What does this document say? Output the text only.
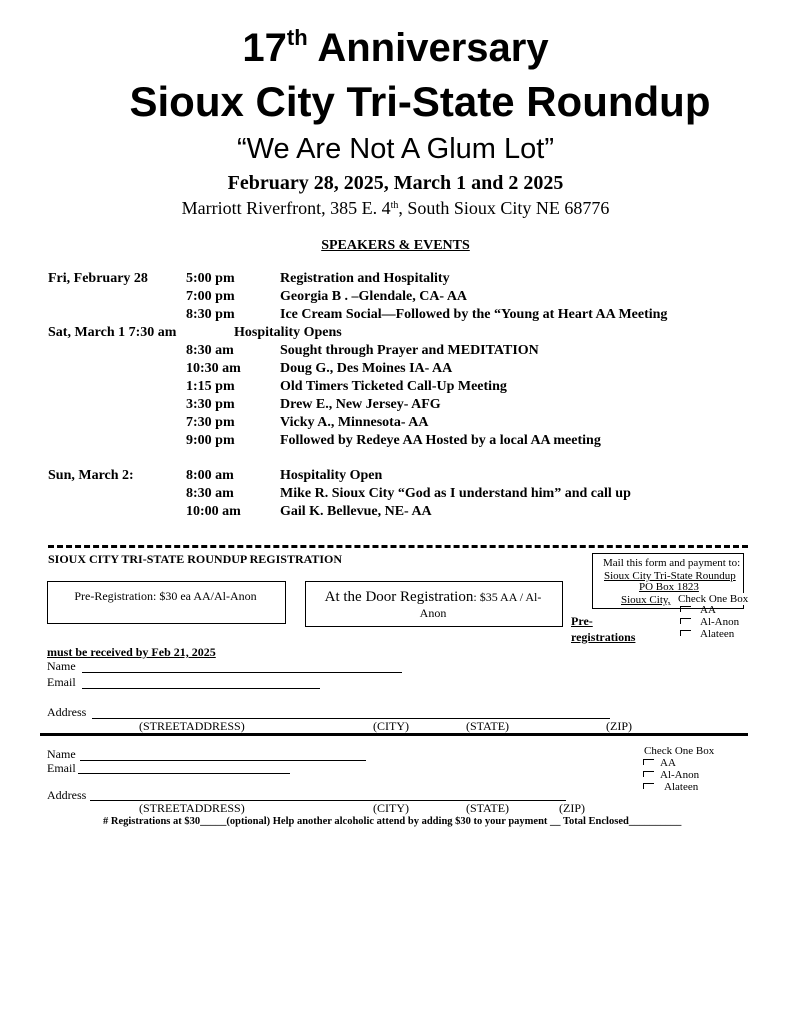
17th Anniversary
Sioux City Tri-State Roundup
“We Are Not A Glum Lot”
February 28, 2025, March 1 and 2 2025
Marriott Riverfront, 385 E. 4th, South Sioux City NE 68776
SPEAKERS & EVENTS
Fri, February 28	5:00 pm	Registration and Hospitality
7:00 pm	Georgia B . –Glendale, CA- AA
8:30 pm	Ice Cream Social—Followed by the “Young at Heart AA Meeting
Sat, March 1 7:30 am	Hospitality Opens
8:30 am	Sought through Prayer and MEDITATION
10:30 am	Doug G., Des Moines IA- AA
1:15 pm	Old Timers Ticketed Call-Up Meeting
3:30 pm	Drew E., New Jersey- AFG
7:30 pm	Vicky A., Minnesota- AA
9:00 pm	Followed by Redeye AA Hosted by a local AA meeting
Sun, March 2:	8:00 am	Hospitality Open
8:30 am	Mike R. Sioux City “God as I understand him” and call up
10:00 am	Gail K. Bellevue, NE- AA
SIOUX CITY TRI-STATE ROUNDUP REGISTRATION	Mail this form and payment to:
Sioux City Tri-State Roundup
PO Box 1823
Sioux City, Check One Box
AA
Al-Anon
Alateen
Pre-Registration: $30 ea AA/Al-Anon	At the Door Registration: $35 AA / Al-
Anon
Pre-
registrations
must be received by Feb 21, 2025
Name
Email
Address
(STREETADDRESS)	(CITY)	(STATE)	(ZIP)
Check One Box
AA
Al-Anon
Alateen
Name
Email
Address
(STREETADDRESS)	(CITY)	(STATE)	(ZIP)
# Registrations at $30_____(optional) Help another alcoholic attend by adding $30 to your payment __ Total Enclosed__________
